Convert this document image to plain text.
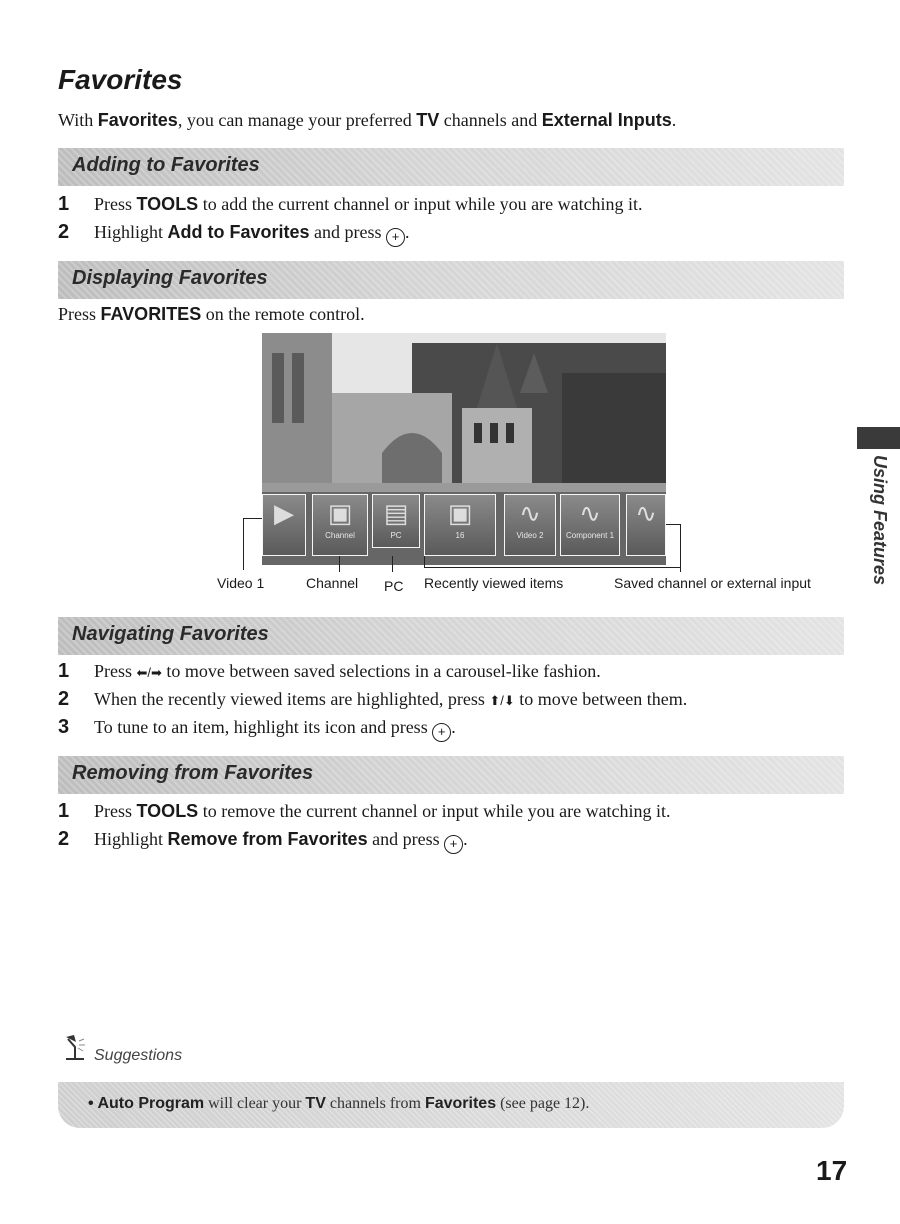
Favorites
With Favorites, you can manage your preferred TV channels and External Inputs.
Adding to Favorites
1 Press TOOLS to add the current channel or input while you are watching it.
2 Highlight Add to Favorites and press + .
Displaying Favorites
Press FAVORITES on the remote control.
▶	▣
Channel
▤
PC
▣
16
∿
Video 2
∿
Component 1
∿
Video 1	Channel PC Recently viewed items	Saved channel or external input
Navigating Favorites
1 Press ⬅/➡ to move between saved selections in a carousel-like fashion.
2 When the recently viewed items are highlighted, press ⬆/⬇ to move between them.
3 To tune to an item, highlight its icon and press + .
Removing from Favorites
1 Press TOOLS to remove the current channel or input while you are watching it.
2 Highlight Remove from Favorites and press + .
Using Features
Suggestions
• Auto Program will clear your TV channels from Favorites (see page 12).
17
